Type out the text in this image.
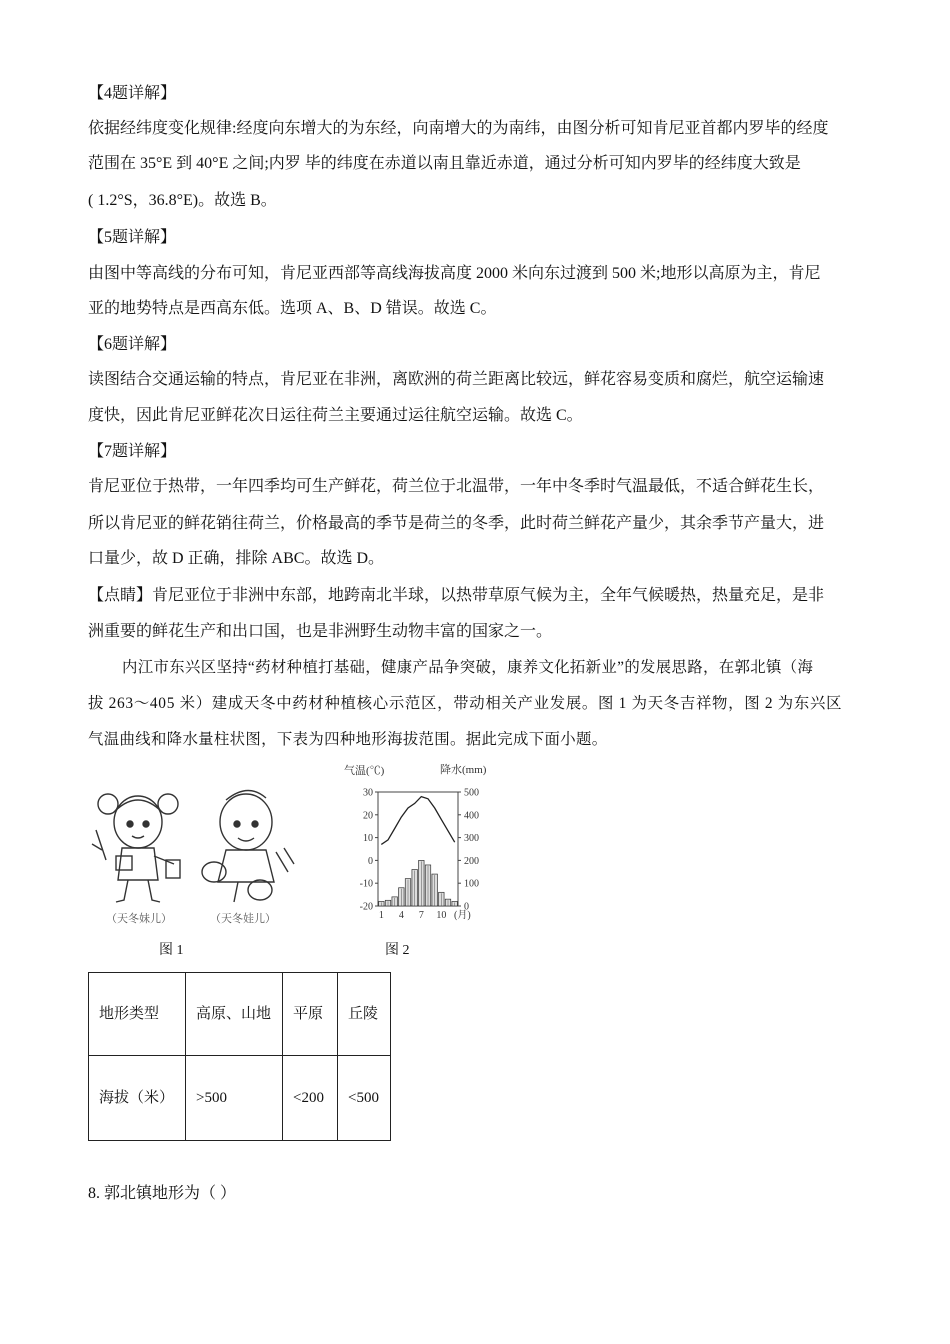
【4题详解】
依据经纬度变化规律:经度向东增大的为东经，向南增大的为南纬，由图分析可知肯尼亚首都内罗毕的经度
范围在 35°E 到 40°E 之间;内罗 毕的纬度在赤道以南且靠近赤道，通过分析可知内罗毕的经纬度大致是
( 1.2°S，36.8°E)。故选 B。
【5题详解】
由图中等高线的分布可知，肯尼亚西部等高线海拔高度 2000 米向东过渡到 500 米;地形以高原为主，肯尼
亚的地势特点是西高东低。选项 A、B、D 错误。故选 C。
【6题详解】
读图结合交通运输的特点，肯尼亚在非洲，离欧洲的荷兰距离比较远，鲜花容易变质和腐烂，航空运输速
度快，因此肯尼亚鲜花次日运往荷兰主要通过运往航空运输。故选 C。
【7题详解】
肯尼亚位于热带，一年四季均可生产鲜花，荷兰位于北温带，一年中冬季时气温最低，不适合鲜花生长，
所以肯尼亚的鲜花销往荷兰，价格最高的季节是荷兰的冬季，此时荷兰鲜花产量少，其余季节产量大，进
口量少，故 D 正确，排除 ABC。故选 D。
【点睛】肯尼亚位于非洲中东部，地跨南北半球，以热带草原气候为主，全年气候暖热，热量充足，是非
洲重要的鲜花生产和出口国，也是非洲野生动物丰富的国家之一。
内江市东兴区坚持“药材种植打基础，健康产品争突破，康养文化拓新业”的发展思路，在郭北镇（海
拔 263～405 米）建成天冬中药材种植核心示范区，带动相关产业发展。图 1 为天冬吉祥物，图 2 为东兴区
气温曲线和降水量柱状图，下表为四种地形海拔范围。据此完成下面小题。
（天冬妹儿）	（天冬娃儿）
图 1
气温(℃)	降水(mm)
30
20
10
0
-10
-20
500
400
300
200
100
0
1 4 7 10 (月)
图 2
地形类型	高原、山地	平原	丘陵
海拔（米）	>500	<200	<500
8. 郭北镇地形为（ ）
